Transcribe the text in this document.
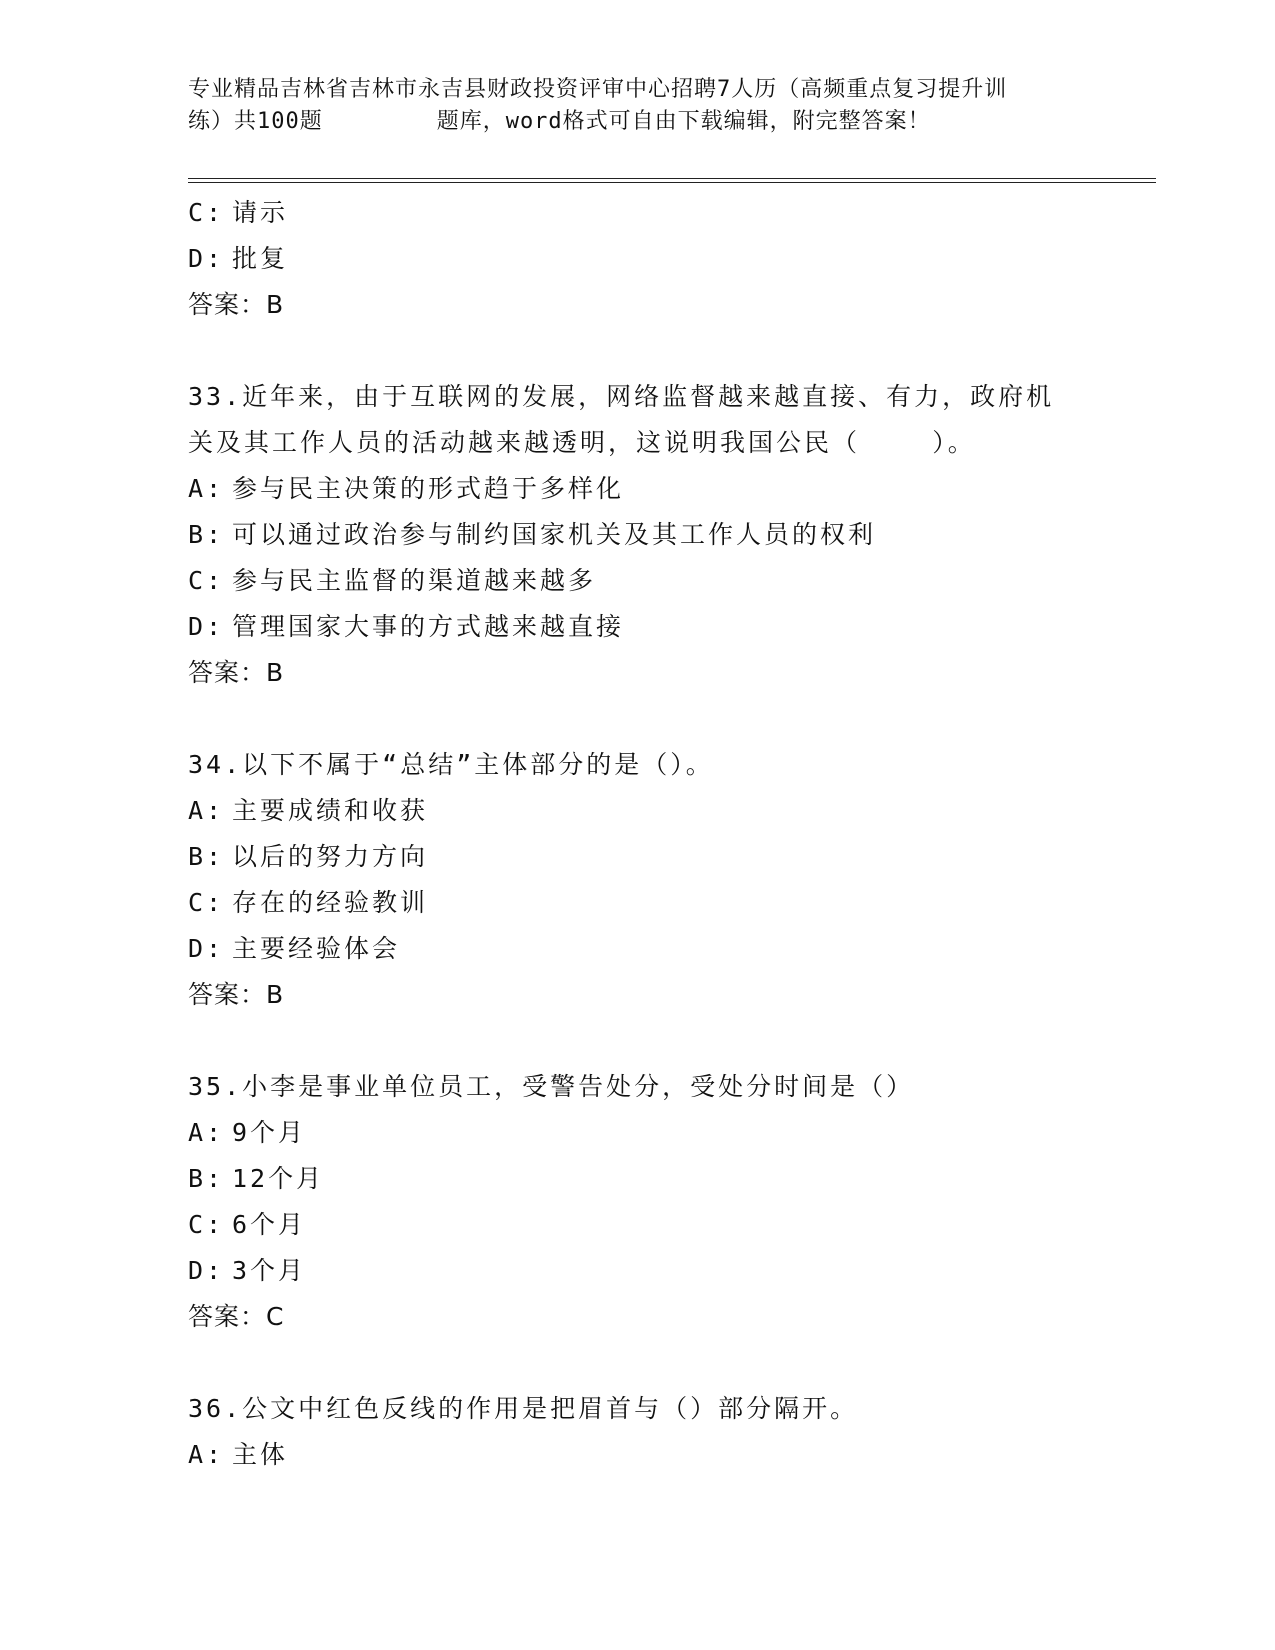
专业精品吉林省吉林市永吉县财政投资评审中心招聘7人历（高频重点复习提升训
练）共100题        题库，word格式可自由下载编辑，附完整答案！
C: 请示
D: 批复
答案：B
33.近年来，由于互联网的发展，网络监督越来越直接、有力，政府机
关及其工作人员的活动越来越透明，这说明我国公民（    ）。
A: 参与民主决策的形式趋于多样化
B: 可以通过政治参与制约国家机关及其工作人员的权利
C: 参与民主监督的渠道越来越多
D: 管理国家大事的方式越来越直接
答案：B
34.以下不属于“总结”主体部分的是（）。
A: 主要成绩和收获
B: 以后的努力方向
C: 存在的经验教训
D: 主要经验体会
答案：B
35.小李是事业单位员工，受警告处分，受处分时间是（）
A: 9个月
B: 12个月
C: 6个月
D: 3个月
答案：C
36.公文中红色反线的作用是把眉首与（）部分隔开。
A: 主体
